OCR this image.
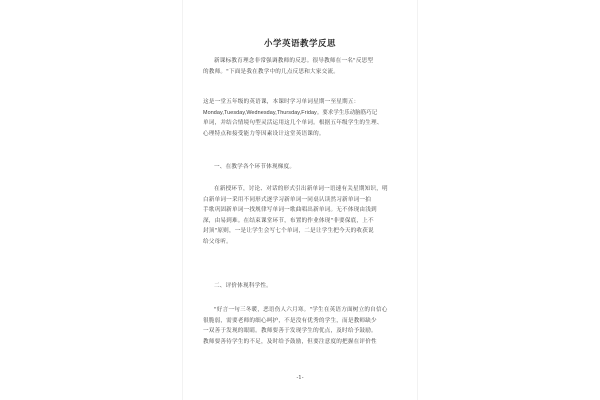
小学英语教学反思
新课标教育理念非常强调教师的反思。很导教师在一名"反思型
的教师。"下面是我在教学中的几点反思和大家交流。
这是一堂五年级的英语课，本课时学习单词星期一至星期五：
Monday,Tuesday,Wednesday,Thursday,Friday。要求学生乐动脑筋巧记
单词，并结合情境句型灵活运用这几个单词。根据五年级学生的生理、
心理特点和接受能力等因素设计这堂英语课的。
一、在教学各个环节体现梯度。
在新授环节，讨论、对话的形式引出新单词一语速有关星期知识，明
白新单词一采用不同形式逐学习新单词一同桌认读然习新单词一拍
手歌巩固新单词一找规律写单词一歌曲唱出新单词。无不体现由浅到
深，由易到难。在结束课堂环节，布置的作业体现"非要保底，上不
封顶"原则，一是让学生会写七个单词，二是让学生把今天的收获说
给父母听。
二、评价体现科学性。
"好言一句三冬暖，恶语伤人六月寒。"学生在英语方面树立的自信心
很脆弱，需要老师的细心呵护，不是没有优秀的学生，而是教师缺少
一双善于发现的眼睛。教师要善于发现学生的优点，及时给予鼓励。
教师要善待学生的不足，及时给予鼓励，但要注意度的把握在评价性
-1-
